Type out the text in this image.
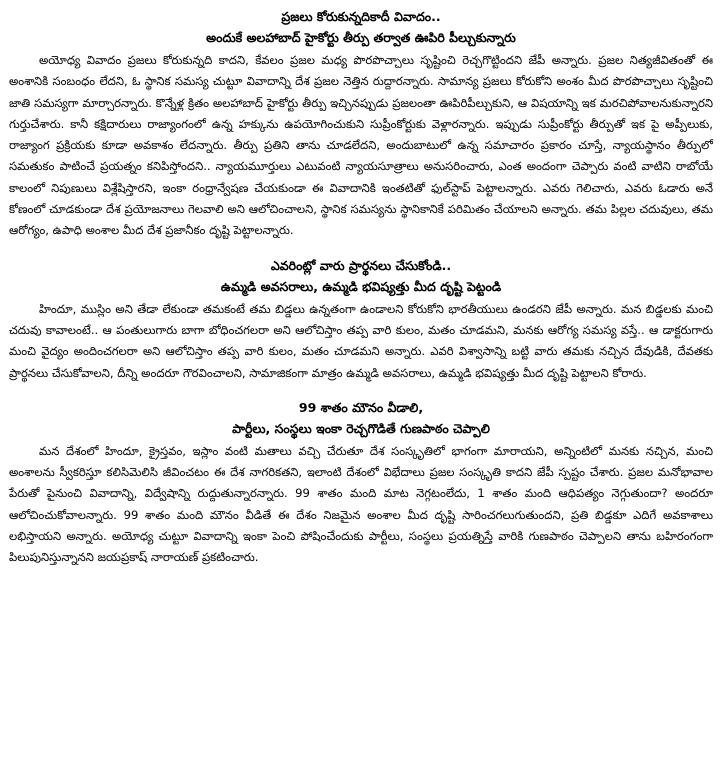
ప్రజలు కోరుకున్నదికాదీ వివాదం..

అందుకే అలహాబాద్ హైకోర్టు తీర్పు తర్వాత ఊపిరి పీల్చుకున్నారు

అయోధ్య వివాదం ప్రజలు కోరుకున్నది కాదని, కేవలం ప్రజల మధ్య పొరపొచ్చాలు సృష్టించి రెచ్చగొట్టిందని జేపీ అన్నారు. ప్రజల నిత్యజీవితంతో ఈ అంశానికి సంబంధం లేదని, ఓ స్థానిక సమస్య చుట్టూ వివాదాన్ని దేశ ప్రజల నెత్తిన రుద్దారన్నారు. సామాన్య ప్రజలు కోరుకోని అంశం మీద పొరపొచ్చాలు సృష్టించి జాతి సమస్యగా మార్చారన్నారు. కొన్నేళ్ల క్రితం అలహాబాద్ హైకోర్టు తీర్పు ఇచ్చినప్పుడు ప్రజలంతా ఊపిరిపీల్చుకుని, ఆ విషయాన్ని ఇక మరచిపోవాలనుకున్నారని గుర్తుచేశారు. కానీ కక్షిదారులు రాజ్యాంగంలో ఉన్న హక్కును ఉపయోగించుకుని సుప్రీంకోర్టుకు వెళ్లారన్నారు. ఇప్పుడు సుప్రీంకోర్టు తీర్పుతో ఇక పై అప్పీలుకు, రాజ్యాంగ ప్రక్రియకు కూడా అవకాశం లేదన్నారు. తీర్పు ప్రతిని తాను చూడలేదని, అందుబాటులో ఉన్న సమాచారం ప్రకారం చూస్తే, న్యాయస్థానం తీర్పులో సమతుకం పాటించే ప్రయత్నం కనిపిస్తోందని.. న్యాయమూర్తులు ఎటువంటి న్యాయసూత్రాలు అనుసరించారు, ఎంత అందంగా చెప్పారు వంటి వాటిని రాబోయే కాలంలో నిపుణులు విశ్లేషిస్తారని, ఇంకా రంధ్రాన్వేషణ చేయకుండా ఈ వివాదానికి ఇంతటితో ఫుల్‌స్టాప్ పెట్టాలన్నారు. ఎవరు గెలిచారు, ఎవరు ఓడారు అనే కోణంలో చూడకుండా దేశ ప్రయోజనాలు గెలవాలి అని ఆలోచించాలని, స్థానిక సమస్యను స్థానికానికే పరిమితం చేయాలని అన్నారు. తమ పిల్లల చదువులు, తమ ఆరోగ్యం, ఉపాధి అంశాల మీద దేశ ప్రజానీకం దృష్టి పెట్టాలన్నారు.

ఎవరింట్లో వారు ప్రార్థనలు చేసుకోండి..

ఉమ్మడి అవసరాలు, ఉమ్మడి భవిష్యత్తు మీద దృష్టి పెట్టండి

హిందూ, ముస్లిం అని తేడా లేకుండా తమకంటే తమ బిడ్డలు ఉన్నతంగా ఉండాలని కోరుకోని భారతీయులు ఉండరని జేపీ అన్నారు. మన బిడ్డలకు మంచి చదువు కావాలంటే.. ఆ పంతులుగారు బాగా బోధించగలరా అని ఆలోచిస్తాం తప్ప వారి కులం, మతం చూడమని, మనకు ఆరోగ్య సమస్య వస్తే.. ఆ డాక్టరుగారు మంచి వైద్యం అందించగలరా అని ఆలోచిస్తాం తప్ప వారి కులం, మతం చూడమని అన్నారు. ఎవరి విశ్వాసాన్ని బట్టి వారు తమకు నచ్చిన దేవుడికి, దేవతకు ప్రార్థనలు చేసుకోవాలని, దీన్ని అందరూ గౌరవించాలని, సామాజికంగా మాత్రం ఉమ్మడి అవసరాలు, ఉమ్మడి భవిష్యత్తు మీద దృష్టి పెట్టాలని కోరారు.

99 శాతం మౌనం వీడాలి,

పార్టీలు, సంస్థలు ఇంకా రెచ్చగొడితే గుణపాఠం చెప్పాలి

మన దేశంలో హిందూ, క్రైస్తవం, ఇస్లాం వంటి మతాలు వచ్చి చేరుతూ దేశ సంస్కృతిలో భాగంగా మారాయని, అన్నింటిలో మనకు నచ్చిన, మంచి అంశాలను స్వీకరిస్తూ కలిసిమెలిసి జీవించటం ఈ దేశ నాగరికతని, ఇలాంటి దేశంలో విభేదాలు ప్రజల సంస్కృతి కాదని జేపీ స్పష్టం చేశారు. ప్రజల మనోభావాల పేరుతో పైనుంచి వివాదాన్ని, విద్వేషాన్ని రుద్దుతున్నారన్నారు. 99 శాతం మంది మాట నెగ్గటంలేదు, 1 శాతం మంది ఆధిపత్యం నెగ్గుతుందా? అందరూ ఆలోచించుకోవాలన్నారు. 99 శాతం మంది మౌనం వీడితే ఈ దేశం నిజమైన అంశాల మీద దృష్టి సారించగలుగుతుందని, ప్రతి బిడ్డకూ ఎదిగే అవకాశాలు లభిస్తాయని అన్నారు. అయోధ్య చుట్టూ వివాదాన్ని ఇంకా పెంచి పోషించేందుకు పార్టీలు, సంస్థలు ప్రయత్నిస్తే వారికి గుణపాఠం చెప్పాలని తాను బహిరంగంగా పిలుపునిస్తున్నానని జయప్రకాష్ నారాయణ్ ప్రకటించారు.
